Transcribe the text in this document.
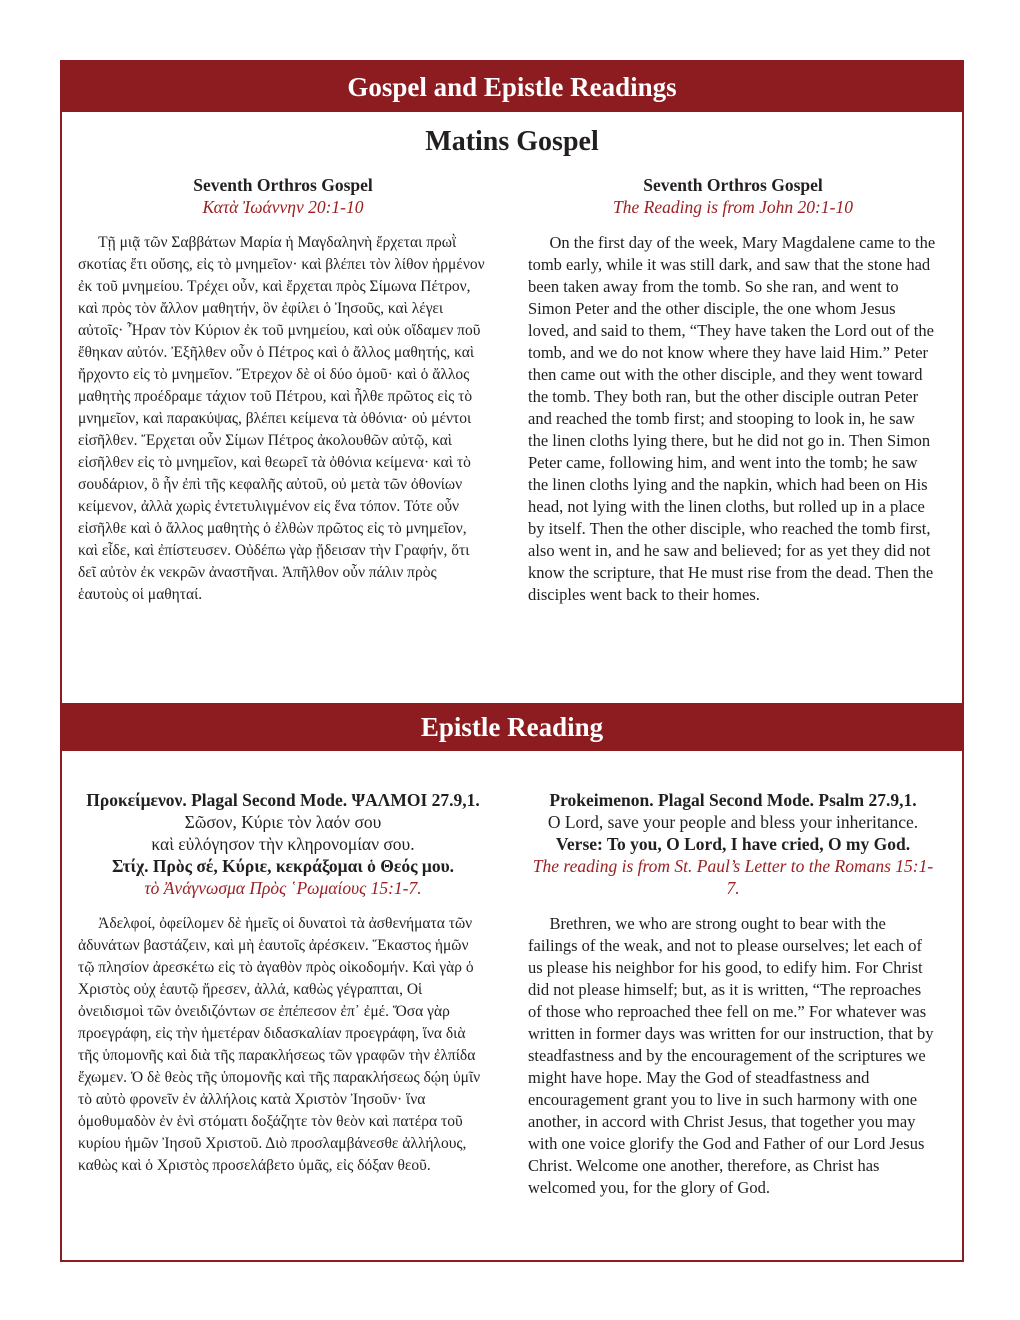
Gospel and Epistle Readings
Matins Gospel
Seventh Orthros Gospel
Κατὰ Ἰωάννην 20:1-10
Τῇ μιᾷ τῶν Σαββάτων Μαρία ἡ Μαγδαληνὴ ἔρχεται πρωῒ σκοτίας ἔτι οὔσης, εἰς τὸ μνημεῖον· καὶ βλέπει τὸν λίθον ἠρμένον ἐκ τοῦ μνημείου. Τρέχει οὖν, καὶ ἔρχεται πρὸς Σίμωνα Πέτρον, καὶ πρὸς τὸν ἄλλον μαθητήν, ὃν ἐφίλει ὁ Ἰησοῦς, καὶ λέγει αὐτοῖς· Ἦραν τὸν Κύριον ἐκ τοῦ μνημείου, καὶ οὐκ οἴδαμεν ποῦ ἔθηκαν αὐτόν. Ἐξῆλθεν οὖν ὁ Πέτρος καὶ ὁ ἄλλος μαθητής, καὶ ἤρχοντο εἰς τὸ μνημεῖον. Ἔτρεχον δὲ οἱ δύο ὁμοῦ· καὶ ὁ ἄλλος μαθητὴς προέδραμε τάχιον τοῦ Πέτρου, καὶ ἦλθε πρῶτος εἰς τὸ μνημεῖον, καὶ παρακύψας, βλέπει κείμενα τὰ ὀθόνια· οὐ μέντοι εἰσῆλθεν. Ἔρχεται οὖν Σίμων Πέτρος ἀκολουθῶν αὐτῷ, καὶ εἰσῆλθεν εἰς τὸ μνημεῖον, καὶ θεωρεῖ τὰ ὀθόνια κείμενα· καὶ τὸ σουδάριον, ὃ ἦν ἐπὶ τῆς κεφαλῆς αὐτοῦ, οὐ μετὰ τῶν ὀθονίων κείμενον, ἀλλὰ χωρὶς ἐντετυλιγμένον εἰς ἕνα τόπον. Τότε οὖν εἰσῆλθε καὶ ὁ ἄλλος μαθητὴς ὁ ἐλθὼν πρῶτος εἰς τὸ μνημεῖον, καὶ εἶδε, καὶ ἐπίστευσεν. Οὐδέπω γὰρ ᾔδεισαν τὴν Γραφήν, ὅτι δεῖ αὐτὸν ἐκ νεκρῶν ἀναστῆναι. Ἀπῆλθον οὖν πάλιν πρὸς ἑαυτοὺς οἱ μαθηταί.
Seventh Orthros Gospel
The Reading is from John 20:1-10
On the first day of the week, Mary Magdalene came to the tomb early, while it was still dark, and saw that the stone had been taken away from the tomb. So she ran, and went to Simon Peter and the other disciple, the one whom Jesus loved, and said to them, “They have taken the Lord out of the tomb, and we do not know where they have laid Him.” Peter then came out with the other disciple, and they went toward the tomb. They both ran, but the other disciple outran Peter and reached the tomb first; and stooping to look in, he saw the linen cloths lying there, but he did not go in. Then Simon Peter came, following him, and went into the tomb; he saw the linen cloths lying and the napkin, which had been on His head, not lying with the linen cloths, but rolled up in a place by itself. Then the other disciple, who reached the tomb first, also went in, and he saw and believed; for as yet they did not know the scripture, that He must rise from the dead. Then the disciples went back to their homes.
Epistle Reading
Προκείμενον. Plagal Second Mode. ΨΑΛΜΟΙ 27.9,1.
Σῶσον, Κύριε τὸν λαόν σου
καὶ εὐλόγησον τὴν κληρονομίαν σου.
Στίχ. Πρὸς σέ, Κύριε, κεκράξομαι ὁ Θεός μου.
τὸ Ἀνάγνωσμα Πρὸς ῾Ρωμαίους 15:1-7.
Ἀδελφοί, ὀφείλομεν δὲ ἡμεῖς οἱ δυνατοὶ τὰ ἀσθενήματα τῶν ἀδυνάτων βαστάζειν, καὶ μὴ ἑαυτοῖς ἀρέσκειν. Ἕκαστος ἡμῶν τῷ πλησίον ἀρεσκέτω εἰς τὸ ἀγαθὸν πρὸς οἰκοδομήν. Καὶ γὰρ ὁ Χριστὸς οὐχ ἑαυτῷ ἤρεσεν, ἀλλά, καθὼς γέγραπται, Οἱ ὀνειδισμοὶ τῶν ὀνειδιζόντων σε ἐπέπεσον ἐπ᾽ ἐμέ. Ὅσα γὰρ προεγράφη, εἰς τὴν ἡμετέραν διδασκαλίαν προεγράφη, ἵνα διὰ τῆς ὑπομονῆς καὶ διὰ τῆς παρακλήσεως τῶν γραφῶν τὴν ἐλπίδα ἔχωμεν. Ὁ δὲ θεὸς τῆς ὑπομονῆς καὶ τῆς παρακλήσεως δῴη ὑμῖν τὸ αὐτὸ φρονεῖν ἐν ἀλλήλοις κατὰ Χριστὸν Ἰησοῦν· ἵνα ὁμοθυμαδὸν ἐν ἑνὶ στόματι δοξάζητε τὸν θεὸν καὶ πατέρα τοῦ κυρίου ἡμῶν Ἰησοῦ Χριστοῦ. Διὸ προσλαμβάνεσθε ἀλλήλους, καθὼς καὶ ὁ Χριστὸς προσελάβετο ὑμᾶς, εἰς δόξαν θεοῦ.
Prokeimenon. Plagal Second Mode. Psalm 27.9,1.
O Lord, save your people and bless your inheritance.
Verse: To you, O Lord, I have cried, O my God.
The reading is from St. Paul’s Letter to the Romans 15:1-7.
Brethren, we who are strong ought to bear with the failings of the weak, and not to please ourselves; let each of us please his neighbor for his good, to edify him. For Christ did not please himself; but, as it is written, “The reproaches of those who reproached thee fell on me.” For whatever was written in former days was written for our instruction, that by steadfastness and by the encouragement of the scriptures we might have hope. May the God of steadfastness and encouragement grant you to live in such harmony with one another, in accord with Christ Jesus, that together you may with one voice glorify the God and Father of our Lord Jesus Christ. Welcome one another, therefore, as Christ has welcomed you, for the glory of God.
